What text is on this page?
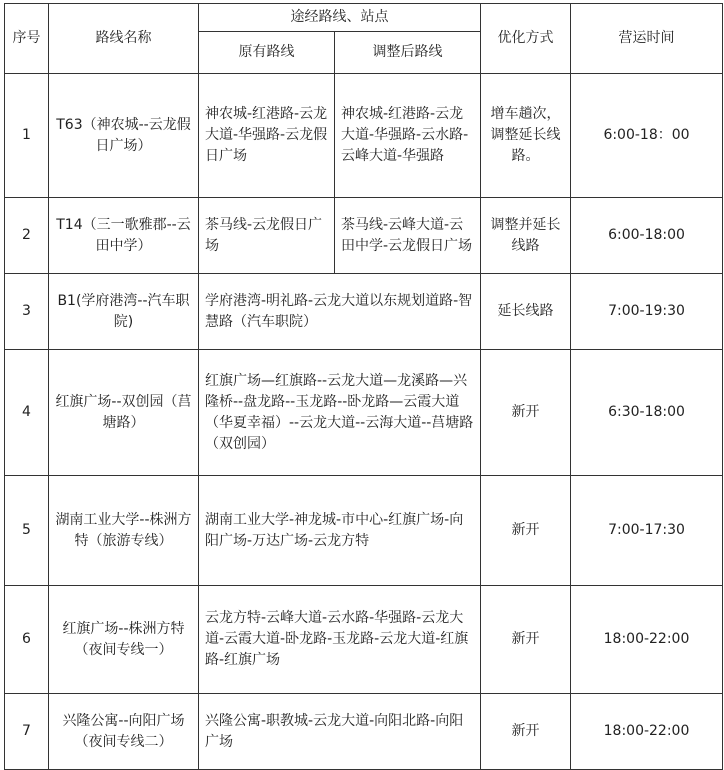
序号	路线名称	途经路线、站点		优化方式	营运时间
		原有路线	调整后路线		
1	T63（神农城--云龙假日广场）	神农城-红港路-云龙大道-华强路-云龙假日广场	神农城-红港路-云龙大道-华强路-云水路-云峰大道-华强路	增车趟次，调整延长线路。	6:00-18：00
2	T14（三一歌雅郡--云田中学）	茶马线-云龙假日广场	茶马线-云峰大道-云田中学-云龙假日广场	调整并延长线路	6:00-18:00
3	B1(学府港湾--汽车职院)	学府港湾-明礼路-云龙大道以东规划道路-智慧路（汽车职院）		延长线路	7:00-19:30
4	红旗广场--双创园（莒塘路）	红旗广场—红旗路--云龙大道—龙溪路—兴隆桥--盘龙路--玉龙路--卧龙路—云霞大道（华夏幸福）--云龙大道--云海大道--莒塘路（双创园）		新开	6:30-18:00
5	湖南工业大学--株洲方特（旅游专线）	湖南工业大学-神龙城-市中心-红旗广场-向阳广场-万达广场-云龙方特		新开	7:00-17:30
6	红旗广场--株洲方特（夜间专线一）	云龙方特-云峰大道-云水路-华强路-云龙大道-云霞大道-卧龙路-玉龙路-云龙大道-红旗路-红旗广场		新开	18:00-22:00
7	兴隆公寓--向阳广场（夜间专线二）	兴隆公寓-职教城-云龙大道-向阳北路-向阳广场		新开	18:00-22:00
